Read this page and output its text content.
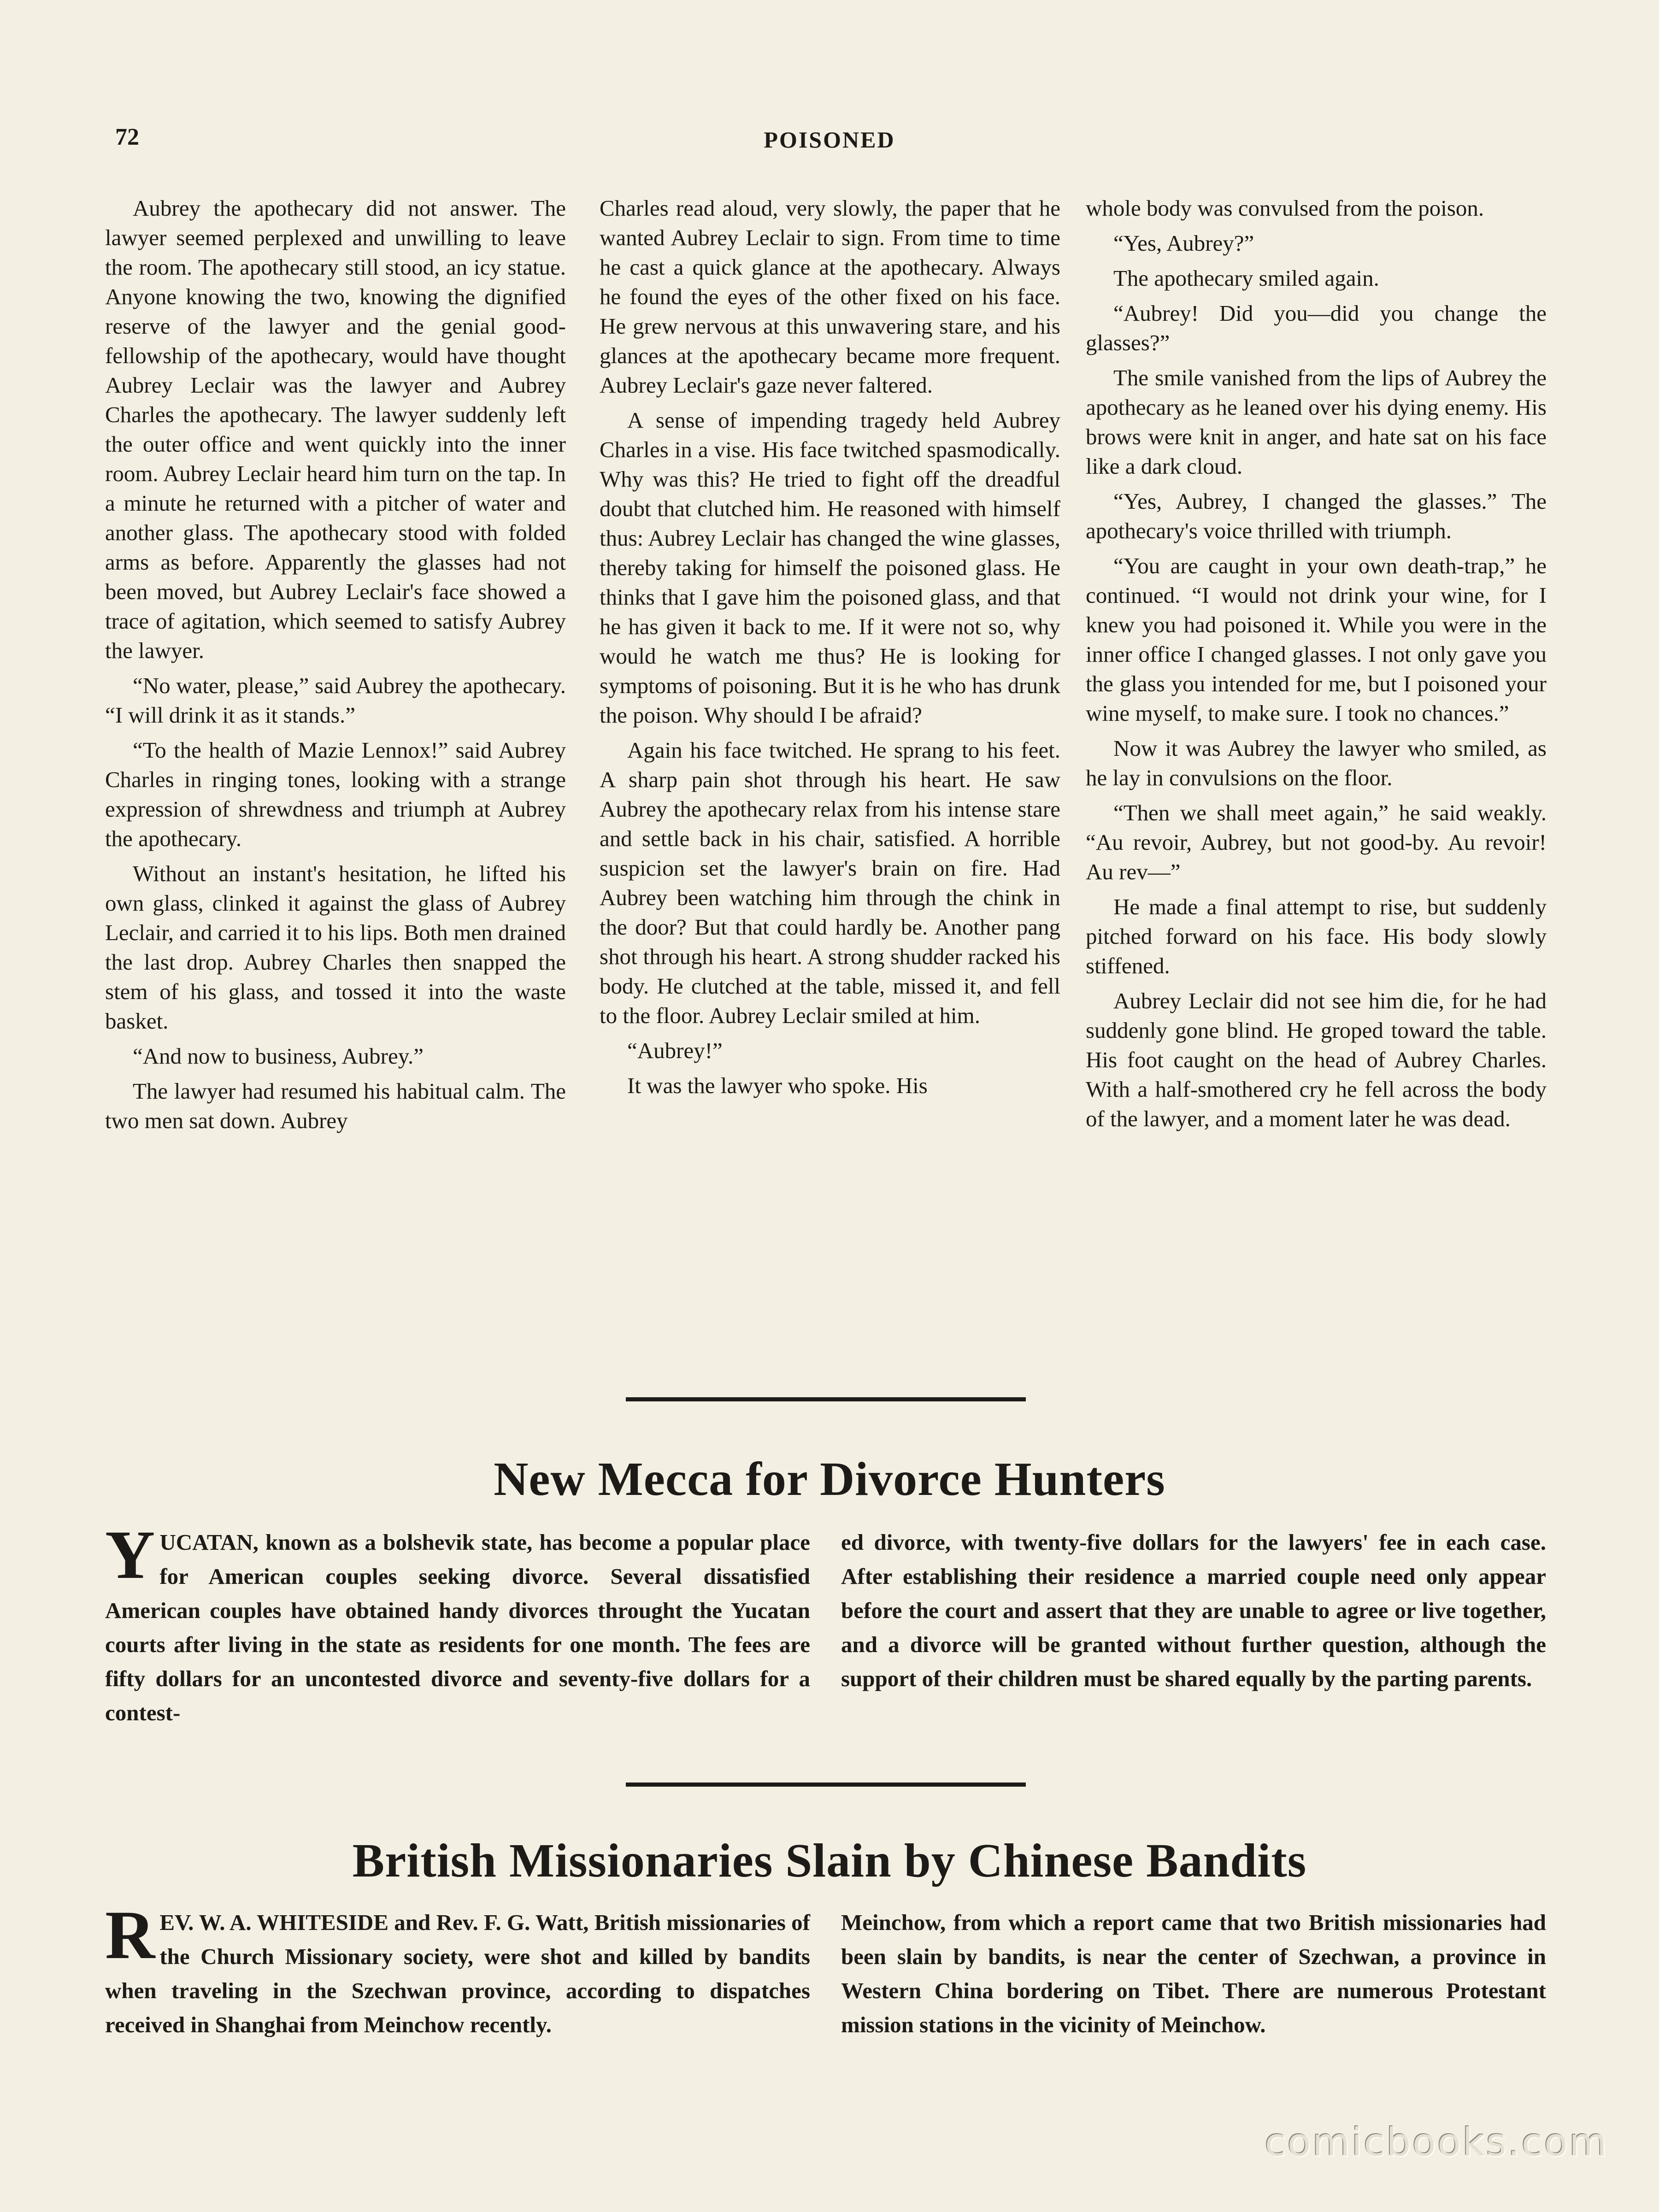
72	POISONED

Aubrey the apothecary did not answer. The lawyer seemed perplexed and unwilling to leave the room. The apothecary still stood, an icy statue. Anyone knowing the two, knowing the dignified reserve of the lawyer and the genial good-fellowship of the apothecary, would have thought Aubrey Leclair was the lawyer and Aubrey Charles the apothecary. The lawyer suddenly left the outer office and went quickly into the inner room. Aubrey Leclair heard him turn on the tap. In a minute he returned with a pitcher of water and another glass. The apothecary stood with folded arms as before. Apparently the glasses had not been moved, but Aubrey Leclair's face showed a trace of agitation, which seemed to satisfy Aubrey the lawyer.

“No water, please,” said Aubrey the apothecary. “I will drink it as it stands.”

“To the health of Mazie Lennox!” said Aubrey Charles in ringing tones, looking with a strange expression of shrewdness and triumph at Aubrey the apothecary.

Without an instant's hesitation, he lifted his own glass, clinked it against the glass of Aubrey Leclair, and carried it to his lips. Both men drained the last drop. Aubrey Charles then snapped the stem of his glass, and tossed it into the waste basket.

“And now to business, Aubrey.”

The lawyer had resumed his habitual calm. The two men sat down. Aubrey

Charles read aloud, very slowly, the paper that he wanted Aubrey Leclair to sign. From time to time he cast a quick glance at the apothecary. Always he found the eyes of the other fixed on his face. He grew nervous at this unwavering stare, and his glances at the apothecary became more frequent. Aubrey Leclair's gaze never faltered.

A sense of impending tragedy held Aubrey Charles in a vise. His face twitched spasmodically. Why was this? He tried to fight off the dreadful doubt that clutched him. He reasoned with himself thus: Aubrey Leclair has changed the wine glasses, thereby taking for himself the poisoned glass. He thinks that I gave him the poisoned glass, and that he has given it back to me. If it were not so, why would he watch me thus? He is looking for symptoms of poisoning. But it is he who has drunk the poison. Why should I be afraid?

Again his face twitched. He sprang to his feet. A sharp pain shot through his heart. He saw Aubrey the apothecary relax from his intense stare and settle back in his chair, satisfied. A horrible suspicion set the lawyer's brain on fire. Had Aubrey been watching him through the chink in the door? But that could hardly be. Another pang shot through his heart. A strong shudder racked his body. He clutched at the table, missed it, and fell to the floor. Aubrey Leclair smiled at him.

“Aubrey!”

It was the lawyer who spoke. His

whole body was convulsed from the poison.

“Yes, Aubrey?”

The apothecary smiled again.

“Aubrey! Did you—did you change the glasses?”

The smile vanished from the lips of Aubrey the apothecary as he leaned over his dying enemy. His brows were knit in anger, and hate sat on his face like a dark cloud.

“Yes, Aubrey, I changed the glasses.” The apothecary's voice thrilled with triumph.

“You are caught in your own death-trap,” he continued. “I would not drink your wine, for I knew you had poisoned it. While you were in the inner office I changed glasses. I not only gave you the glass you intended for me, but I poisoned your wine myself, to make sure. I took no chances.”

Now it was Aubrey the lawyer who smiled, as he lay in convulsions on the floor.

“Then we shall meet again,” he said weakly. “Au revoir, Aubrey, but not good-by. Au revoir! Au rev—”

He made a final attempt to rise, but suddenly pitched forward on his face. His body slowly stiffened.

Aubrey Leclair did not see him die, for he had suddenly gone blind. He groped toward the table. His foot caught on the head of Aubrey Charles. With a half-smothered cry he fell across the body of the lawyer, and a moment later he was dead.

New Mecca for Divorce Hunters

YUCATAN, known as a bolshevik state, has become a popular place for American couples seeking divorce. Several dissatisfied American couples have obtained handy divorces throught the Yucatan courts after living in the state as residents for one month. The fees are fifty dollars for an uncontested divorce and seventy-five dollars for a contest-

ed divorce, with twenty-five dollars for the lawyers' fee in each case. After establishing their residence a married couple need only appear before the court and assert that they are unable to agree or live together, and a divorce will be granted without further question, although the support of their children must be shared equally by the parting parents.

British Missionaries Slain by Chinese Bandits

REV. W. A. WHITESIDE and Rev. F. G. Watt, British missionaries of the Church Missionary society, were shot and killed by bandits when traveling in the Szechwan province, according to dispatches received in Shanghai from Meinchow recently.

Meinchow, from which a report came that two British missionaries had been slain by bandits, is near the center of Szechwan, a province in Western China bordering on Tibet. There are numerous Protestant mission stations in the vicinity of Meinchow.

comicbooks.com
